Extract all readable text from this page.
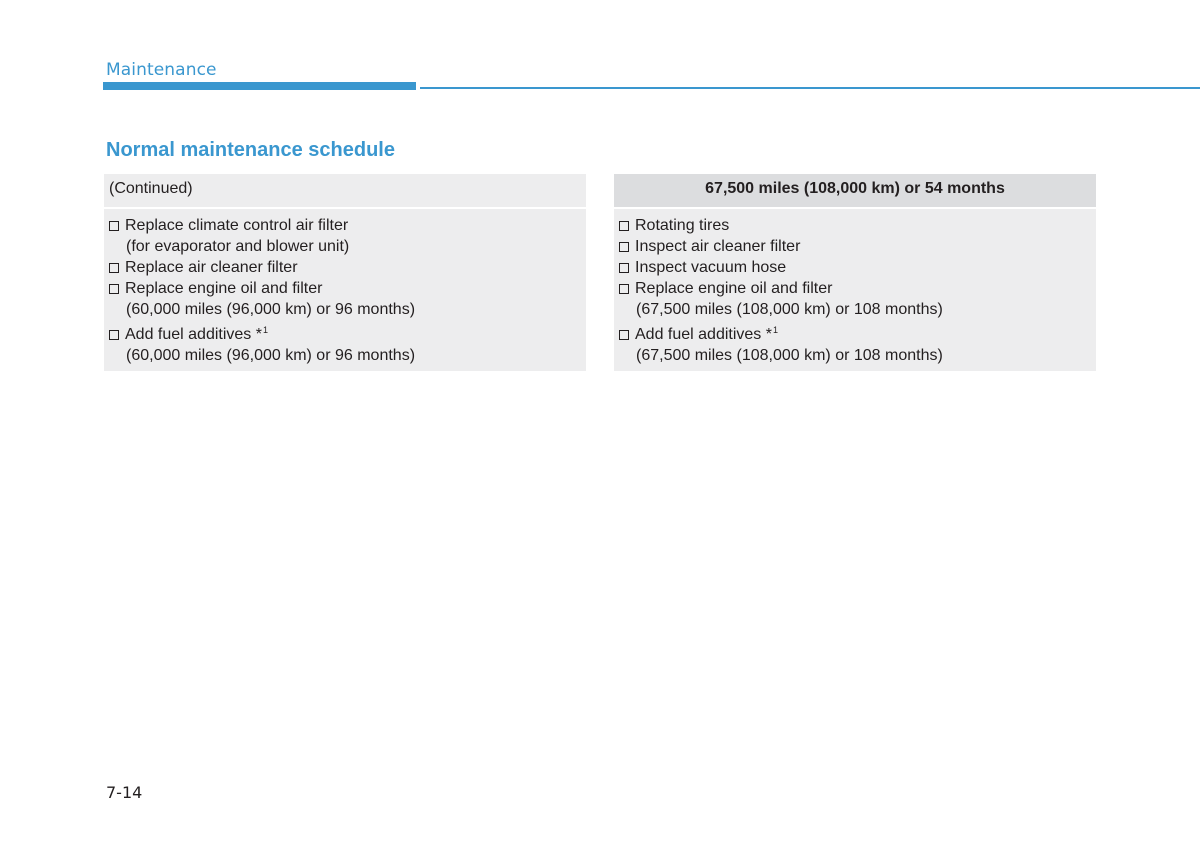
Maintenance
Normal maintenance schedule
(Continued)
Replace climate control air filter
(for evaporator and blower unit)
Replace air cleaner filter
Replace engine oil and filter
(60,000 miles (96,000 km) or 96 months)
Add fuel additives *$^1$
(60,000 miles (96,000 km) or 96 months)
67,500 miles (108,000 km) or 54 months
Rotating tires
Inspect air cleaner filter
Inspect vacuum hose
Replace engine oil and filter
(67,500 miles (108,000 km) or 108 months)
Add fuel additives *$^1$
(67,500 miles (108,000 km) or 108 months)
7-14
